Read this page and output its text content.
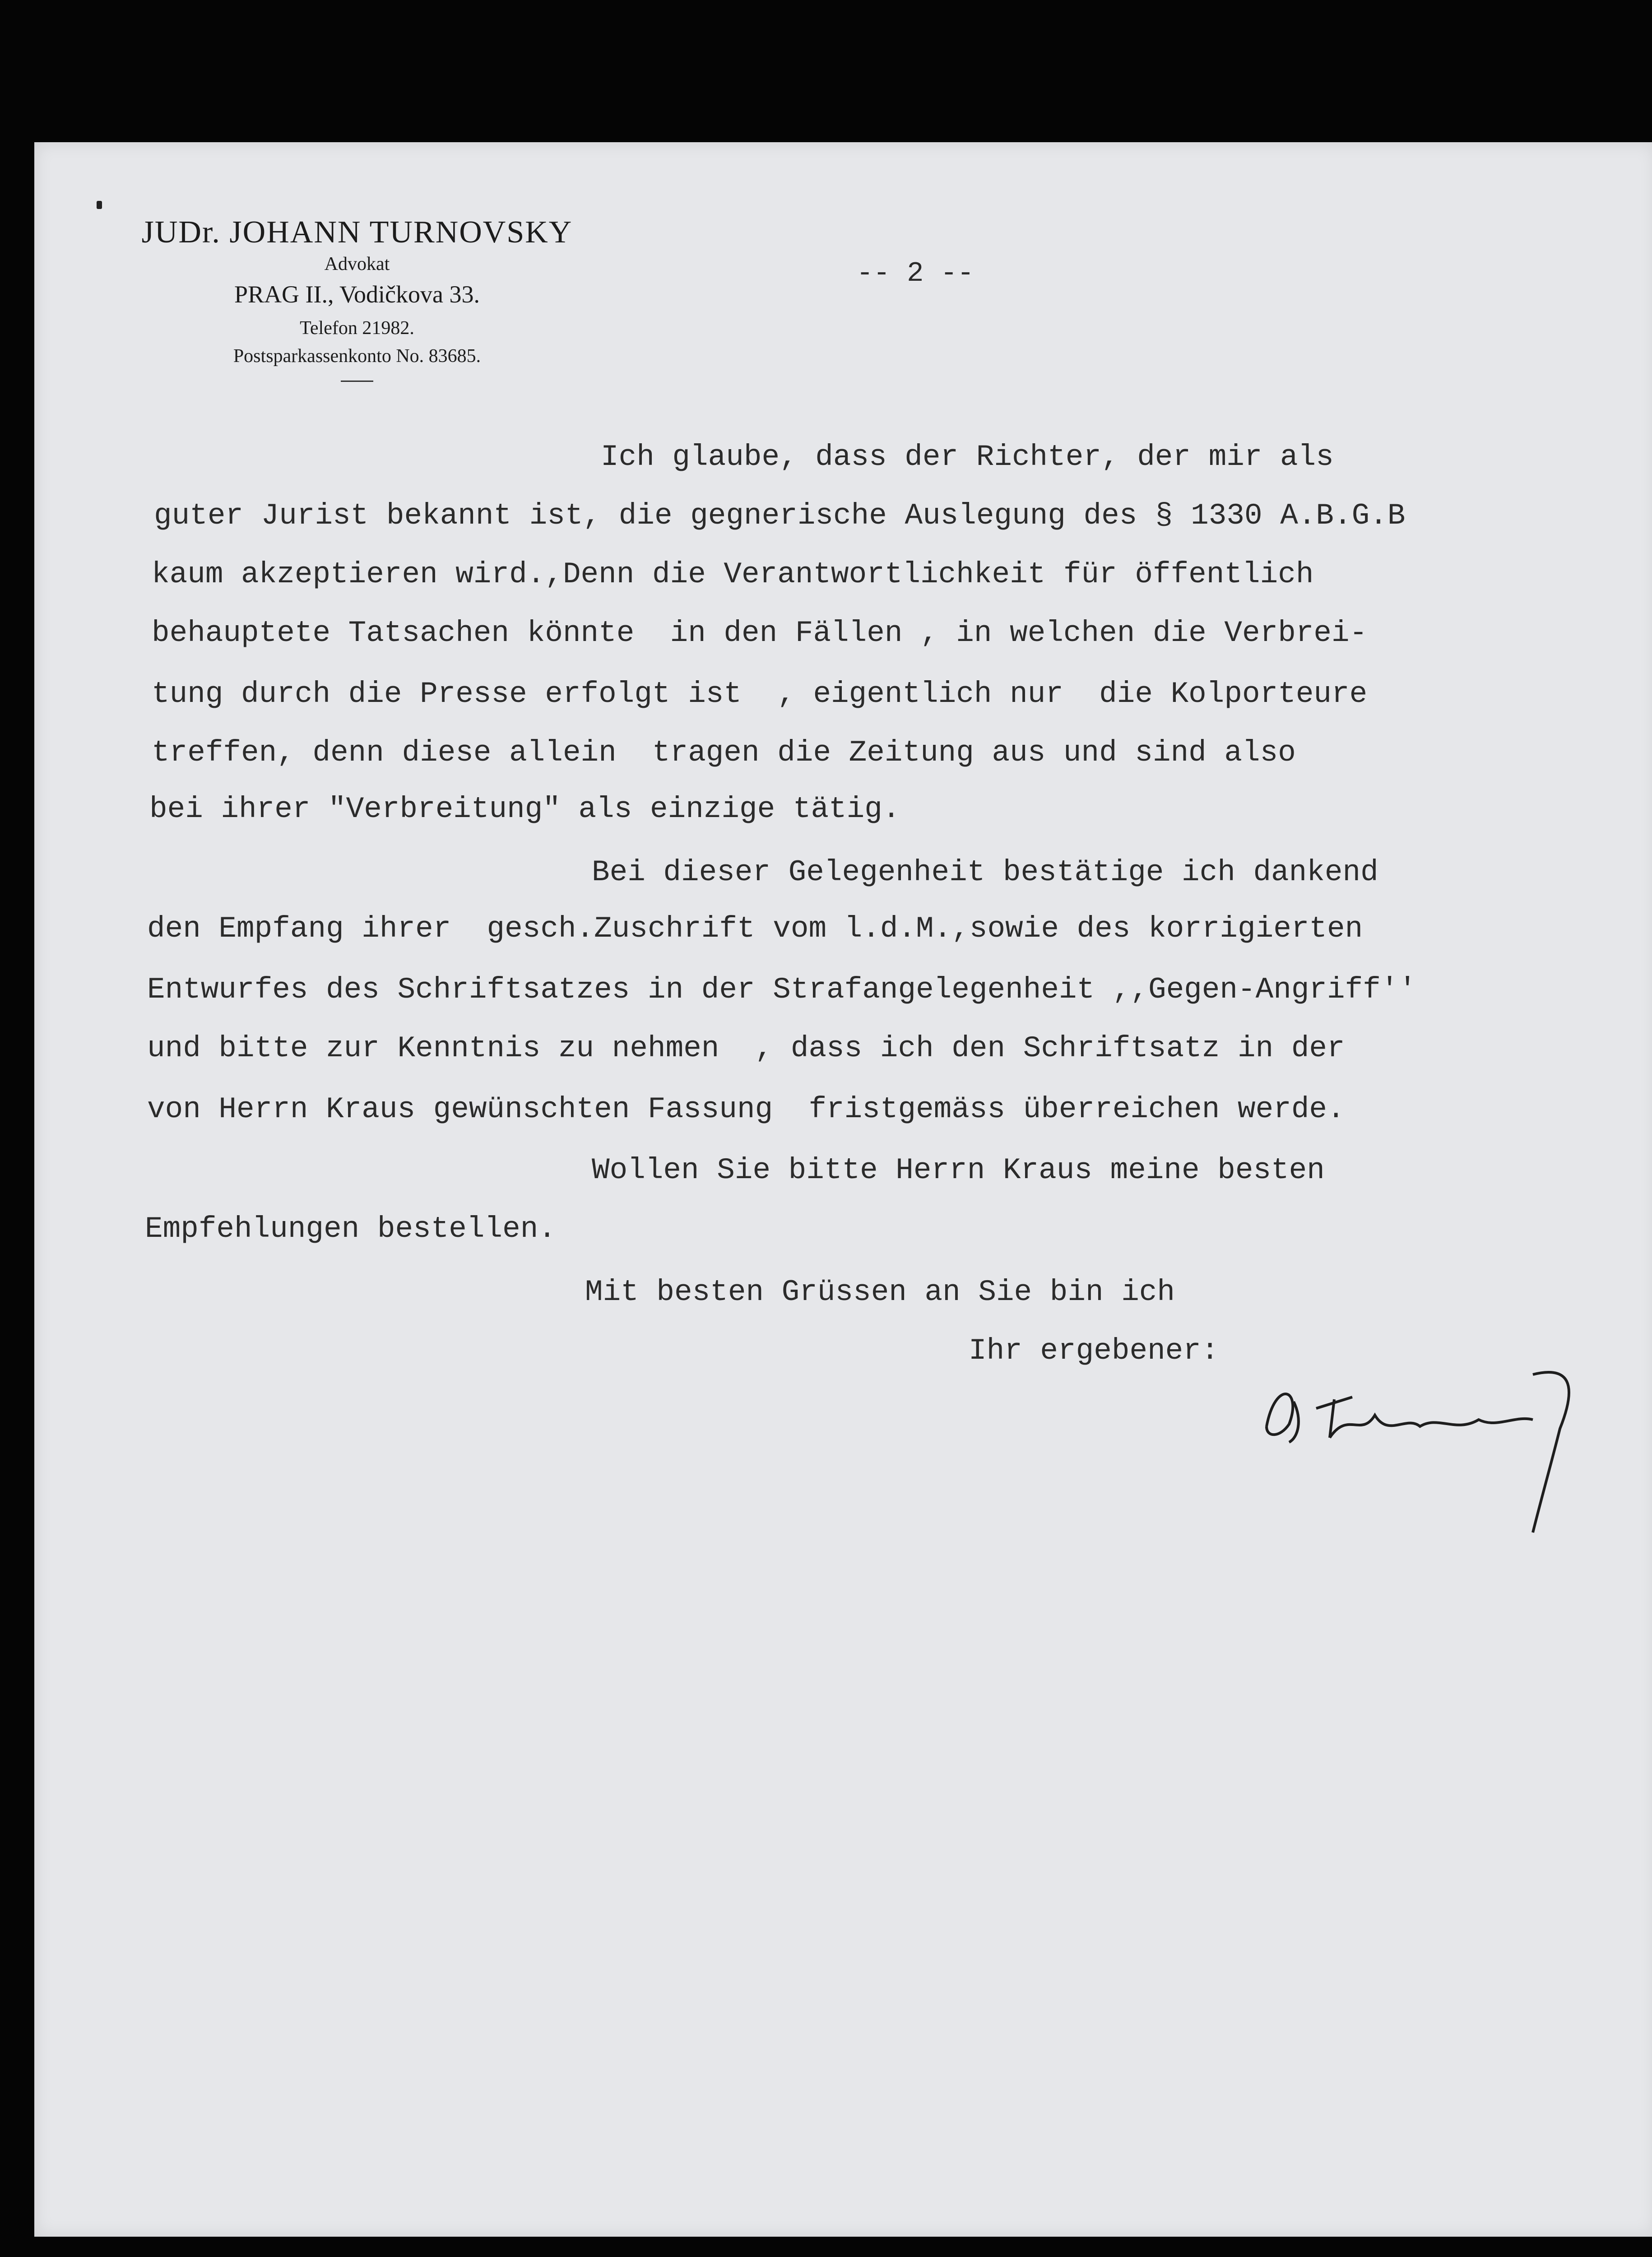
JUDr. JOHANN TURNOVSKY
Advokat
PRAG II., Vodičkova 33.
Telefon 21982.
Postsparkassenkonto No. 83685.
-- 2 --
Ich glaube, dass der Richter, der mir als
guter Jurist bekannt ist, die gegnerische Auslegung des § 1330 A.B.G.B
kaum akzeptieren wird.,Denn die Verantwortlichkeit für öffentlich
behauptete Tatsachen könnte  in den Fällen , in welchen die Verbrei-
tung durch die Presse erfolgt ist  , eigentlich nur  die Kolporteure
treffen, denn diese allein  tragen die Zeitung aus und sind also
bei ihrer "Verbreitung" als einzige tätig.
Bei dieser Gelegenheit bestätige ich dankend
den Empfang ihrer  gesch.Zuschrift vom l.d.M.,sowie des korrigierten
Entwurfes des Schriftsatzes in der Strafangelegenheit ,,Gegen-Angriff''
und bitte zur Kenntnis zu nehmen  , dass ich den Schriftsatz in der
von Herrn Kraus gewünschten Fassung  fristgemäss überreichen werde.
Wollen Sie bitte Herrn Kraus meine besten
Empfehlungen bestellen.
Mit besten Grüssen an Sie bin ich
Ihr ergebener:
